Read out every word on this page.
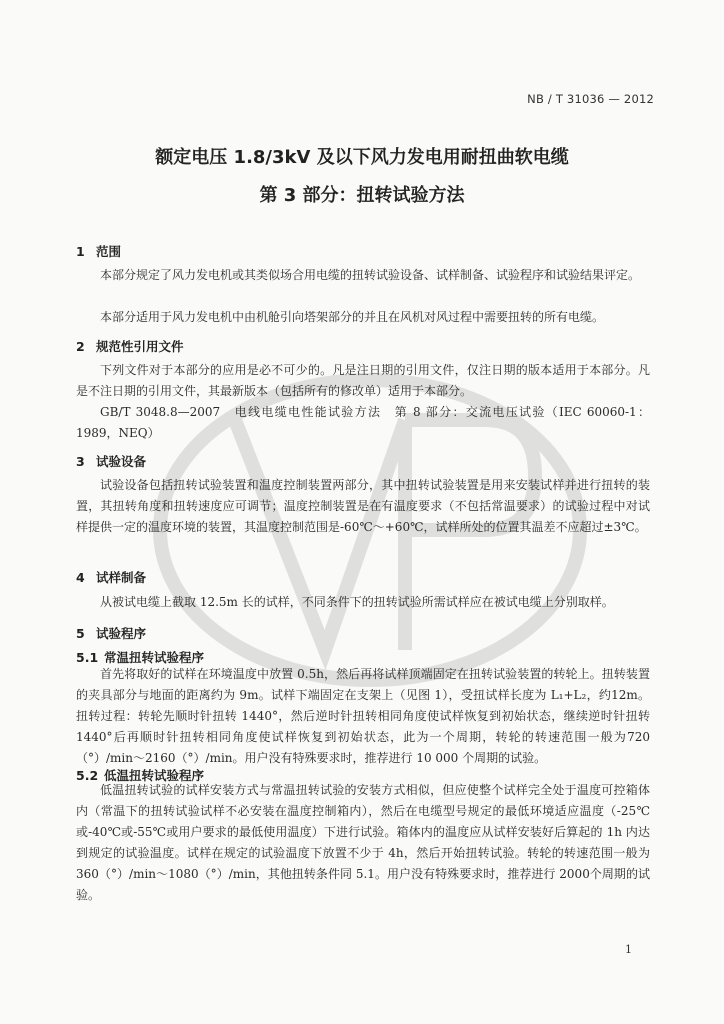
NB / T 31036 — 2012
额定电压 1.8/3kV 及以下风力发电用耐扭曲软电缆
第 3 部分：扭转试验方法
1 范围

本部分规定了风力发电机或其类似场合用电缆的扭转试验设备、试样制备、试验程序和试验结果评定。

本部分适用于风力发电机中由机舱引向塔架部分的并且在风机对风过程中需要扭转的所有电缆。

2 规范性引用文件

下列文件对于本部分的应用是必不可少的。凡是注日期的引用文件，仅注日期的版本适用于本部分。凡是不注日期的引用文件，其最新版本（包括所有的修改单）适用于本部分。

GB/T 3048.8—2007　电线电缆电性能试验方法　第 8 部分：交流电压试验（IEC 60060-1：1989，NEQ）

3 试验设备

试验设备包括扭转试验装置和温度控制装置两部分，其中扭转试验装置是用来安装试样并进行扭转的装置，其扭转角度和扭转速度应可调节；温度控制装置是在有温度要求（不包括常温要求）的试验过程中对试样提供一定的温度环境的装置，其温度控制范围是-60℃～+60℃，试样所处的位置其温差不应超过±3℃。

4 试样制备

从被试电缆上截取 12.5m 长的试样，不同条件下的扭转试验所需试样应在被试电缆上分别取样。

5 试验程序
5.1 常温扭转试验程序

首先将取好的试样在环境温度中放置 0.5h，然后再将试样顶端固定在扭转试验装置的转轮上。扭转装置的夹具部分与地面的距离约为 9m。试样下端固定在支架上（见图 1），受扭试样长度为 L₁+L₂，约12m。扭转过程：转轮先顺时针扭转 1440°，然后逆时针扭转相同角度使试样恢复到初始状态，继续逆时针扭转 1440°后再顺时针扭转相同角度使试样恢复到初始状态，此为一个周期，转轮的转速范围一般为720（°）/min～2160（°）/min。用户没有特殊要求时，推荐进行 10 000 个周期的试验。

5.2 低温扭转试验程序

低温扭转试验的试样安装方式与常温扭转试验的安装方式相似，但应使整个试样完全处于温度可控箱体内（常温下的扭转试验试样不必安装在温度控制箱内），然后在电缆型号规定的最低环境适应温度（-25℃或-40℃或-55℃或用户要求的最低使用温度）下进行试验。箱体内的温度应从试样安装好后算起的 1h 内达到规定的试验温度。试样在规定的试验温度下放置不少于 4h，然后开始扭转试验。转轮的转速范围一般为 360（°）/min～1080（°）/min，其他扭转条件同 5.1。用户没有特殊要求时，推荐进行 2000个周期的试验。

1
